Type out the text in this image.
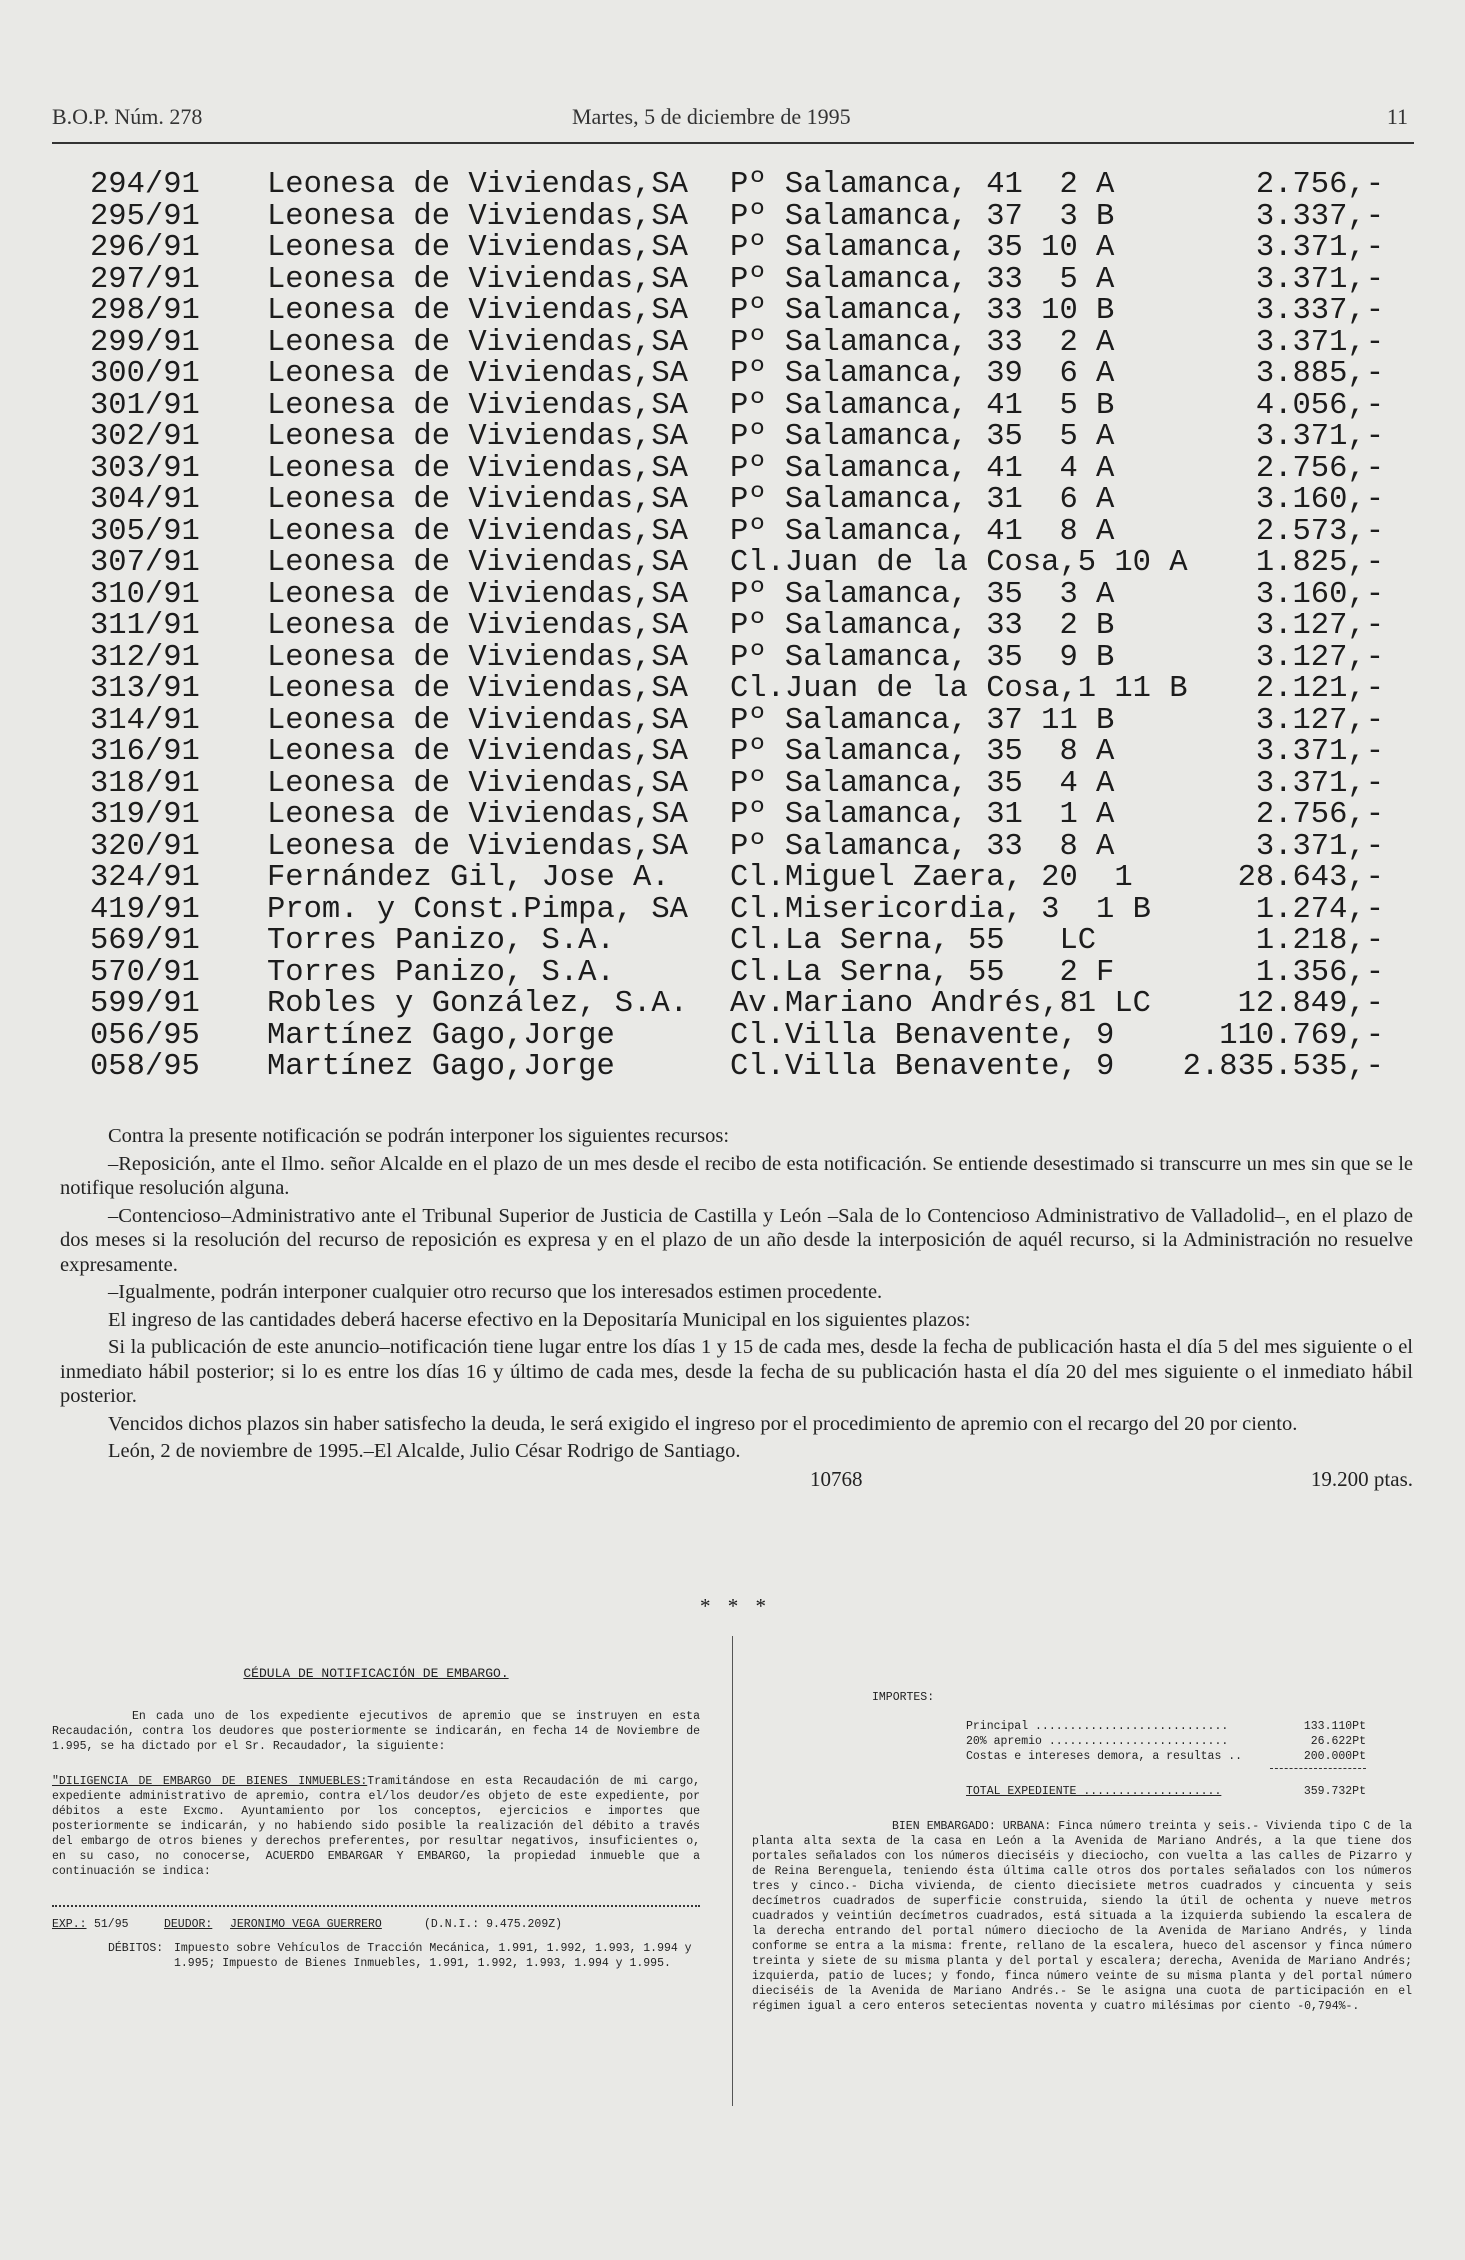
B.O.P. Núm. 278	Martes, 5 de diciembre de 1995	11
294/91 Leonesa de Viviendas,SA Pº Salamanca, 41  2 A	2.756,-
295/91 Leonesa de Viviendas,SA Pº Salamanca, 37  3 B	3.337,-
296/91 Leonesa de Viviendas,SA Pº Salamanca, 35 10 A	3.371,-
297/91 Leonesa de Viviendas,SA Pº Salamanca, 33  5 A	3.371,-
298/91 Leonesa de Viviendas,SA Pº Salamanca, 33 10 B	3.337,-
299/91 Leonesa de Viviendas,SA Pº Salamanca, 33  2 A	3.371,-
300/91 Leonesa de Viviendas,SA Pº Salamanca, 39  6 A	3.885,-
301/91 Leonesa de Viviendas,SA Pº Salamanca, 41  5 B	4.056,-
302/91 Leonesa de Viviendas,SA Pº Salamanca, 35  5 A	3.371,-
303/91 Leonesa de Viviendas,SA Pº Salamanca, 41  4 A	2.756,-
304/91 Leonesa de Viviendas,SA Pº Salamanca, 31  6 A	3.160,-
305/91 Leonesa de Viviendas,SA Pº Salamanca, 41  8 A	2.573,-
307/91 Leonesa de Viviendas,SA Cl.Juan de la Cosa,5 10 A 1.825,-
310/91 Leonesa de Viviendas,SA Pº Salamanca, 35  3 A	3.160,-
311/91 Leonesa de Viviendas,SA Pº Salamanca, 33  2 B	3.127,-
312/91 Leonesa de Viviendas,SA Pº Salamanca, 35  9 B	3.127,-
313/91 Leonesa de Viviendas,SA Cl.Juan de la Cosa,1 11 B 2.121,-
314/91 Leonesa de Viviendas,SA Pº Salamanca, 37 11 B	3.127,-
316/91 Leonesa de Viviendas,SA Pº Salamanca, 35  8 A	3.371,-
318/91 Leonesa de Viviendas,SA Pº Salamanca, 35  4 A	3.371,-
319/91 Leonesa de Viviendas,SA Pº Salamanca, 31  1 A	2.756,-
320/91 Leonesa de Viviendas,SA Pº Salamanca, 33  8 A	3.371,-
324/91 Fernández Gil, Jose A. Cl.Miguel Zaera, 20  1	28.643,-
419/91 Prom. y Const.Pimpa, SA Cl.Misericordia, 3  1 B	1.274,-
569/91 Torres Panizo, S.A.	Cl.La Serna, 55   LC	1.218,-
570/91 Torres Panizo, S.A.	Cl.La Serna, 55   2 F	1.356,-
599/91 Robles y González, S.A. Av.Mariano Andrés,81 LC	12.849,-
056/95 Martínez Gago,Jorge	Cl.Villa Benavente, 9	110.769,-
058/95 Martínez Gago,Jorge	Cl.Villa Benavente, 9 2.835.535,-

Contra la presente notificación se podrán interponer los siguientes recursos:

–Reposición, ante el Ilmo. señor Alcalde en el plazo de un mes desde el recibo de esta notificación. Se entiende desestimado si transcurre un mes sin que se le notifique resolución alguna.

–Contencioso–Administrativo ante el Tribunal Superior de Justicia de Castilla y León –Sala de lo Contencioso Administrativo de Valladolid–, en el plazo de dos meses si la resolución del recurso de reposición es expresa y en el plazo de un año desde la interposición de aquél recurso, si la Administración no resuelve expresamente.

–Igualmente, podrán interponer cualquier otro recurso que los interesados estimen procedente.

El ingreso de las cantidades deberá hacerse efectivo en la Depositaría Municipal en los siguientes plazos:

Si la publicación de este anuncio–notificación tiene lugar entre los días 1 y 15 de cada mes, desde la fecha de publicación hasta el día 5 del mes siguiente o el inmediato hábil posterior; si lo es entre los días 16 y último de cada mes, desde la fecha de su publicación hasta el día 20 del mes siguiente o el inmediato hábil posterior.

Vencidos dichos plazos sin haber satisfecho la deuda, le será exigido el ingreso por el procedimiento de apremio con el recargo del 20 por ciento.

León, 2 de noviembre de 1995.–El Alcalde, Julio César Rodrigo de Santiago.

10768	19.200 ptas.
* * *
CÉDULA DE NOTIFICACIÓN DE EMBARGO.

En cada uno de los expediente ejecutivos de apremio que se instruyen en esta Recaudación, contra los deudores que posteriormente se indicarán, en fecha 14 de Noviembre de 1.995, se ha dictado por el Sr. Recaudador, la siguiente:

"DILIGENCIA DE EMBARGO DE BIENES INMUEBLES:Tramitándose en esta Recaudación de mi cargo, expediente administrativo de apremio, contra el/los deudor/es objeto de este expediente, por débitos a este Excmo. Ayuntamiento por los conceptos, ejercicios e importes que posteriormente se indicarán, y no habiendo sido posible la realización del débito a través del embargo de otros bienes y derechos preferentes, por resultar negativos, insuficientes o, en su caso, no conocerse, ACUERDO EMBARGAR Y EMBARGO, la propiedad inmueble que a continuación se indica:

EXP.: 51/95	DEUDOR: JERONIMO VEGA GUERRERO	(D.N.I.: 9.475.209Z)
DÉBITOS: Impuesto sobre Vehículos de Tracción Mecánica, 1.991, 1.992, 1.993, 1.994 y 1.995; Impuesto de Bienes Inmuebles, 1.991, 1.992, 1.993, 1.994 y 1.995.
IMPORTES:
Principal ............................	133.110Pt
20% apremio ..........................	26.622Pt
Costas e intereses demora, a resultas ..	200.000Pt
TOTAL EXPEDIENTE ....................	359.732Pt

BIEN EMBARGADO: URBANA: Finca número treinta y seis.- Vivienda tipo C de la planta alta sexta de la casa en León a la Avenida de Mariano Andrés, a la que tiene dos portales señalados con los números dieciséis y dieciocho, con vuelta a las calles de Pizarro y de Reina Berenguela, teniendo ésta última calle otros dos portales señalados con los números tres y cinco.- Dicha vivienda, de ciento diecisiete metros cuadrados y cincuenta y seis decímetros cuadrados de superficie construida, siendo la útil de ochenta y nueve metros cuadrados y veintiún decímetros cuadrados, está situada a la izquierda subiendo la escalera de la derecha entrando del portal número dieciocho de la Avenida de Mariano Andrés, y linda conforme se entra a la misma: frente, rellano de la escalera, hueco del ascensor y finca número treinta y siete de su misma planta y del portal y escalera; derecha, Avenida de Mariano Andrés; izquierda, patio de luces; y fondo, finca número veinte de su misma planta y del portal número dieciséis de la Avenida de Mariano Andrés.- Se le asigna una cuota de participación en el régimen igual a cero enteros setecientas noventa y cuatro milésimas por ciento -0,794%-.
